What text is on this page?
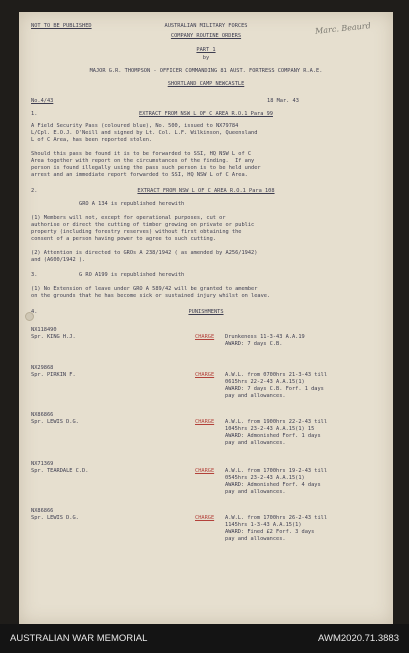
Marc. Beaurd
NOT TO BE PUBLISHED	AUSTRALIAN MILITARY FORCES
COMPANY ROUTINE ORDERS
PART 1
by
MAJOR G.R. THOMPSON - OFFICER COMMANDING 81 AUST. FORTRESS COMPANY R.A.E.
SHORTLAND CAMP NEWCASTLE
No.4/43	18 Mar. 43
1.	EXTRACT FROM NSW L OF C AREA R.O.1 Para 99
A Field Security Pass (coloured blue), No. 500, issued to NX79784
L/Cpl. E.O.J. O'Neill and signed by Lt. Col. L.F. Wilkinson, Queensland
L of C Area, has been reported stolen.
Should this pass be found it is to be forwarded to SSI, HQ NSW L of C
Area together with report on the circumstances of the finding.  If any
person is found illegally using the pass such person is to be held under
arrest and an immediate report forwarded to SSI, HQ NSW L of C Area.
2.	EXTRACT FROM NSW L OF C AREA R.O.1 Para 108
GRO A 134 is republished herewith
(1) Members will not, except for operational purposes, cut or
authorise or direct the cutting of timber growing on private or public
property (including forestry reserves) without first obtaining the
consent of a person having power to agree to such cutting.
(2) Attention is directed to GROs A 238/1942 ( as amended by A256/1942)
and (A600/1942 ).
3.	G RO A199 is republished herewith
(1) No Extension of leave under GRO A 589/42 will be granted to amember
on the grounds that he has become sick or sustained injury whilst on leave.
4.	PUNISHMENTS
NX118490
Spr. KING H.J.	CHARGE Drunkeness 11-3-43 A.A.19
AWARD: 7 days C.B.
NX29868
Spr. PIRKIN F.	CHARGE A.W.L. from 0700hrs 21-3-43 till
0615hrs 22-2-43 A.A.15(1)
AWARD: 7 days C.B. Forf. 1 days
pay and allowances.
NX86866
Spr. LEWIS D.G.	CHARGE A.W.L. from 1900hrs 22-2-43 till
1045hrs 23-2-43 A.A.15(1) 15
AWARD: Admonished Forf. 1 days
pay and allowances.
NX71369
Spr. TEARDALE C.D.	CHARGE A.W.L. from 1700hrs 19-2-43 till
0545hrs 23-2-43 A.A.15(1)
AWARD: Admonished Forf. 4 days
pay and allowances.
NX86866
Spr. LEWIS D.G.	CHARGE A.W.L. from 1700hrs 26-2-43 till
1145hrs 1-3-43 A.A.15(1)
AWARD: Fined £2 Forf. 3 days
pay and allowances.
AUSTRALIAN WAR MEMORIAL	AWM2020.71.3883
